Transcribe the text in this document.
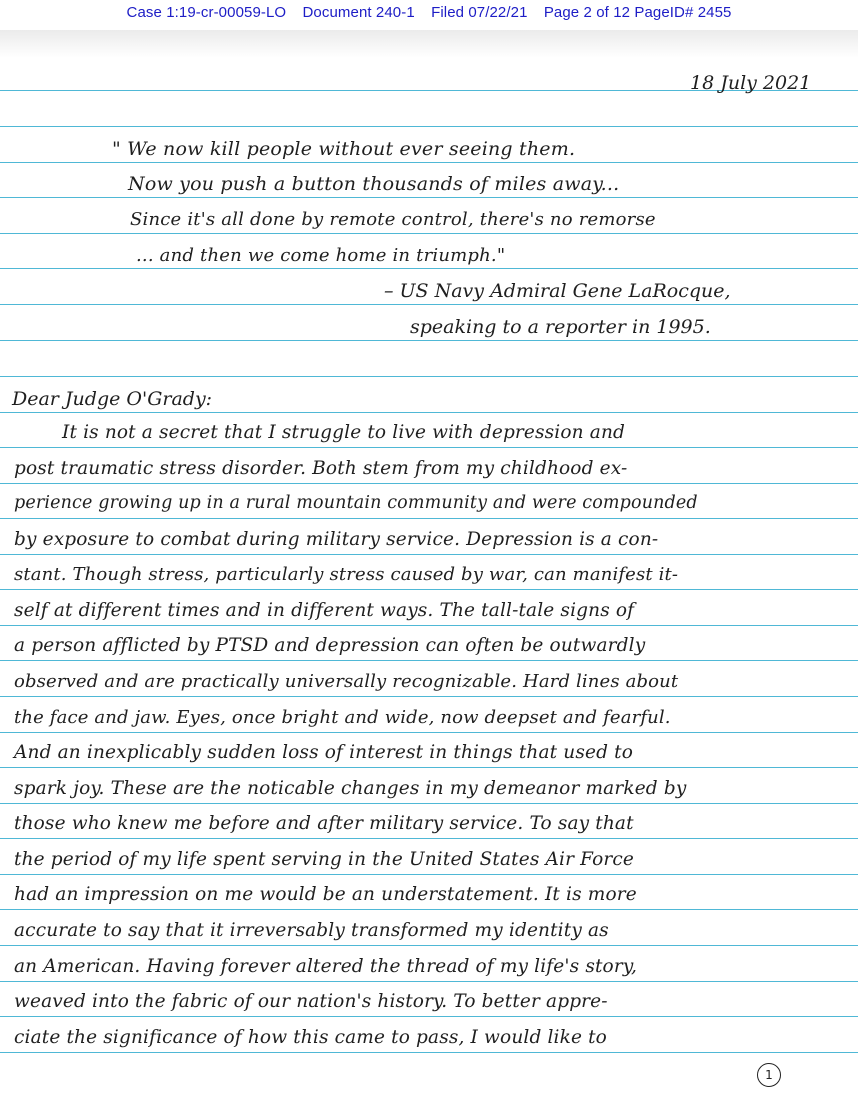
Case 1:19-cr-00059-LO Document 240-1 Filed 07/22/21 Page 2 of 12 PageID# 2455
18 July 2021
" We now kill people without ever seeing them.
Now you push a button thousands of miles away...
Since it's all done by remote control, there's no remorse
... and then we come home in triumph."
– US Navy Admiral Gene LaRocque,
speaking to a reporter in 1995.
Dear Judge O'Grady:
It is not a secret that I struggle to live with depression and
post traumatic stress disorder. Both stem from my childhood ex-
perience growing up in a rural mountain community and were compounded
by exposure to combat during military service. Depression is a con-
stant. Though stress, particularly stress caused by war, can manifest it-
self at different times and in different ways. The tall-tale signs of
a person afflicted by PTSD and depression can often be outwardly
observed and are practically universally recognizable. Hard lines about
the face and jaw. Eyes, once bright and wide, now deepset and fearful.
And an inexplicably sudden loss of interest in things that used to
spark joy. These are the noticable changes in my demeanor marked by
those who knew me before and after military service. To say that
the period of my life spent serving in the United States Air Force
had an impression on me would be an understatement. It is more
accurate to say that it irreversably transformed my identity as
an American. Having forever altered the thread of my life's story,
weaved into the fabric of our nation's history. To better appre-
ciate the significance of how this came to pass, I would like to
1
